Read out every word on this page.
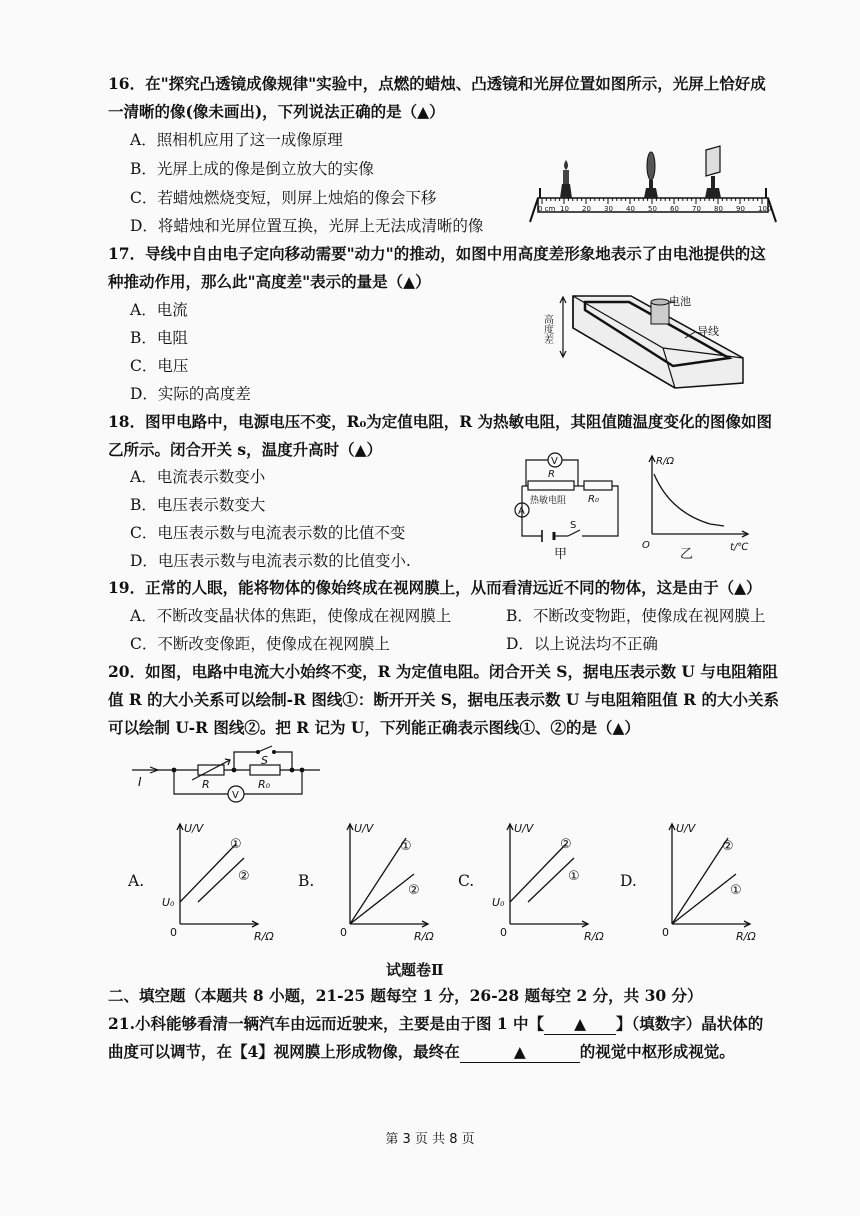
16．在"探究凸透镜成像规律"实验中，点燃的蜡烛、凸透镜和光屏位置如图所示，光屏上恰好成
一清晰的像(像未画出)，下列说法正确的是（▲）
A．照相机应用了这一成像原理
B．光屏上成的像是倒立放大的实像
C．若蜡烛燃烧变短，则屏上烛焰的像会下移
D．将蜡烛和光屏位置互换，光屏上无法成清晰的像
0 cm 10 20 30 40 50 60 70 80 90 100
17．导线中自由电子定向移动需要"动力"的推动，如图中用高度差形象地表示了由电池提供的这
种推动作用，那么此"高度差"表示的量是（▲）
A．电流
B．电阻
C．电压
D．实际的高度差
高度差
电池
导线
18．图甲电路中，电源电压不变，R₀为定值电阻，R 为热敏电阻，其阻值随温度变化的图像如图
乙所示。闭合开关 s，温度升高时（▲）
A．电流表示数变小
B．电压表示数变大
C．电压表示数与电流表示数的比值不变
D．电压表示数与电流表示数的比值变小.
V
R
热敏电阻 R₀
A
S
甲
R/Ω
t/℃
O
乙
19．正常的人眼，能将物体的像始终成在视网膜上，从而看清远近不同的物体，这是由于（▲）
A．不断改变晶状体的焦距，使像成在视网膜上	B．不断改变物距，使像成在视网膜上
C．不断改变像距，使像成在视网膜上	D．以上说法均不正确
20．如图，电路中电流大小始终不变，R 为定值电阻。闭合开关 S，据电压表示数 U 与电阻箱阻
值 R 的大小关系可以绘制-R 图线①：断开开关 S，据电压表示数 U 与电阻箱阻值 R 的大小关系
可以绘制 U-R 图线②。把 R 记为 U，下列能正确表示图线①、②的是（▲）
I	R
S
R₀
V
A.
U/V
R/Ω
0
U₀
①
②	B.
U/V
R/Ω
0
①
②
C.
U/V
R/Ω
0
U₀
②
①	D.
U/V
R/Ω
0
②
①
试题卷Ⅱ
二、填空题（本题共 8 小题，21-25 题每空 1 分，26-28 题每空 2 分，共 30 分）
21.小科能够看清一辆汽车由远而近驶来，主要是由于图 1 中【 ▲ 】（填数字）晶状体的
曲度可以调节，在【4】视网膜上形成物像，最终在	▲	的视觉中枢形成视觉。
第 3 页 共 8 页
